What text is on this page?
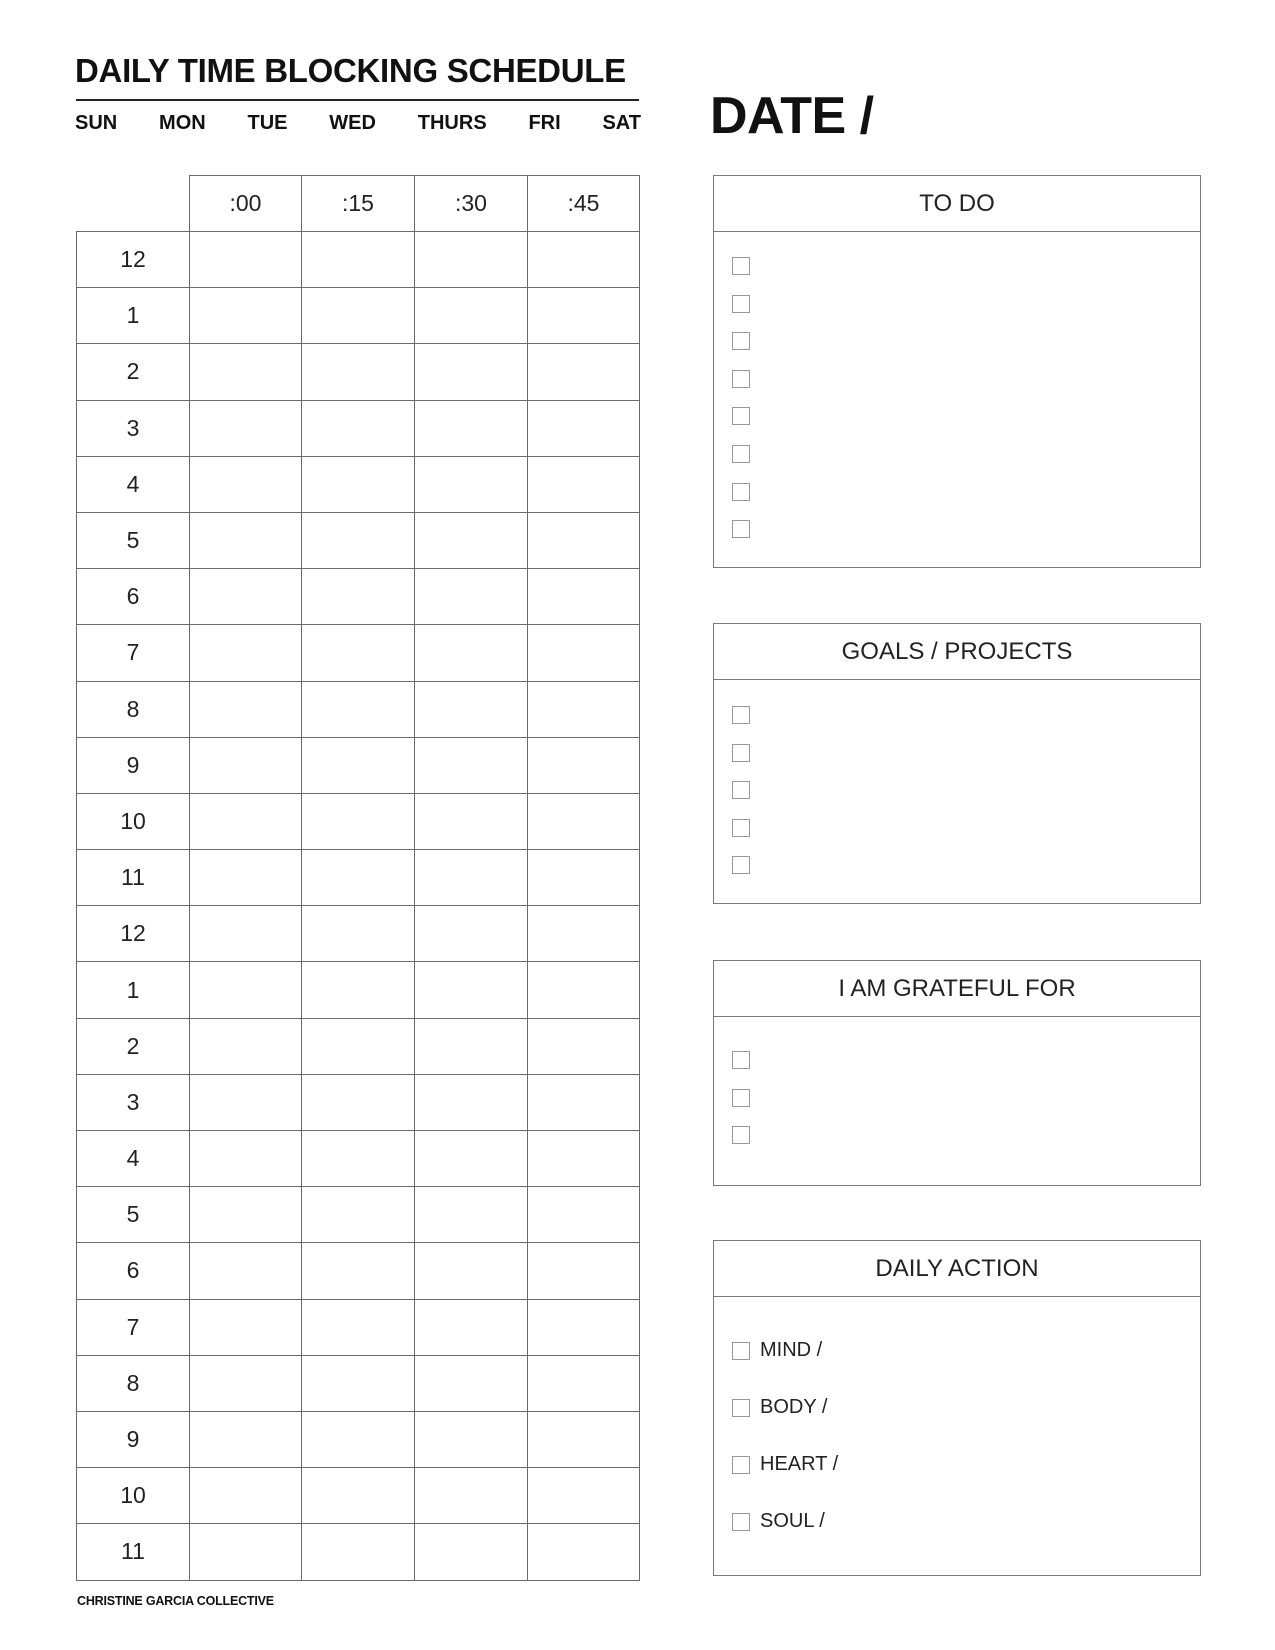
DAILY TIME BLOCKING SCHEDULE
SUN MON TUE WED THURS FRI SAT DATE /
	:00	:15	:30	:45
12				
1				
2				
3				
4				
5				
6				
7				
8				
9				
10				
11				
12				
1				
2				
3				
4				
5				
6				
7				
8				
9				
10				
11				
TO DO
GOALS / PROJECTS
I AM GRATEFUL FOR
DAILY ACTION
MIND /
BODY /
HEART /
SOUL /
CHRISTINE GARCIA COLLECTIVE
